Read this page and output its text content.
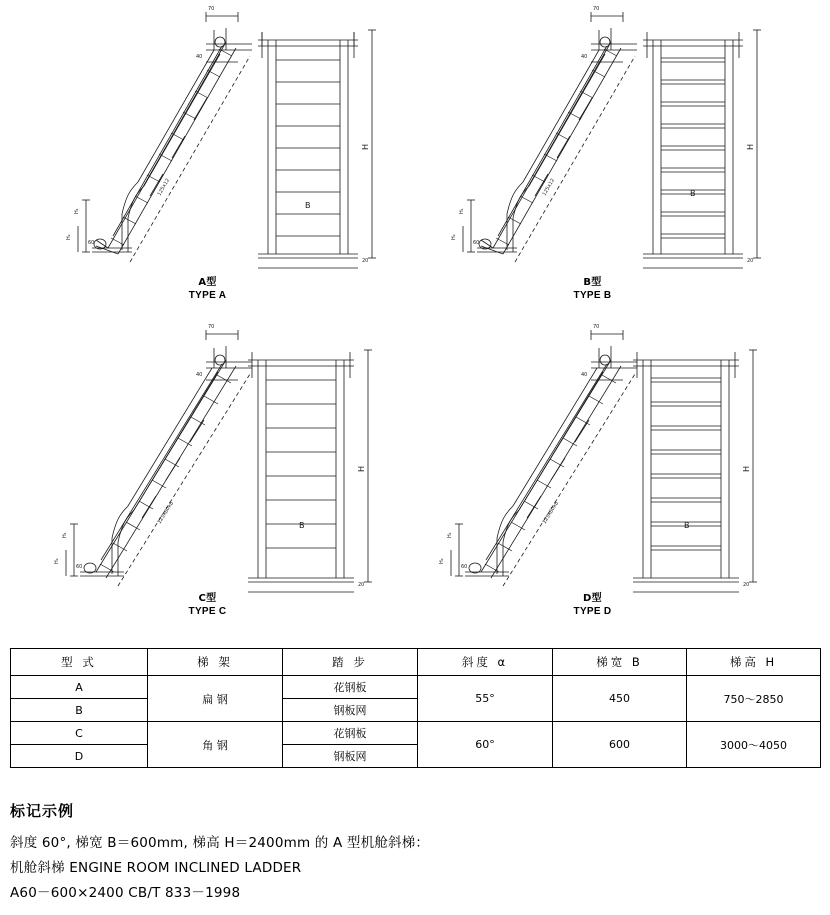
70
40
125x12
H₁
H₂
60
B
H
20
A型
TYPE A
70
40
125x12
H₁
H₂
60
B
H
20
B型
TYPE B
70
40
125x80x8
H₁
H₂
60
B
H
20
C型
TYPE C
70
40
125x80x8
H₁
H₂
60
B
H
20
D型
TYPE D
型 式	梯 架	踏 步	斜度 α	梯宽 B	梯高 H
A	扁 钢	花钢板	55°	450	750～2850
B		钢板网			
C	角 钢	花钢板	60°	600	3000～4050
D		钢板网			
标记示例
斜度 60°, 梯宽 B＝600mm, 梯高 H＝2400mm 的 A 型机舱斜梯：
机舱斜梯 ENGINE ROOM INCLINED LADDER
A60－600×2400 CB/T 833－1998
